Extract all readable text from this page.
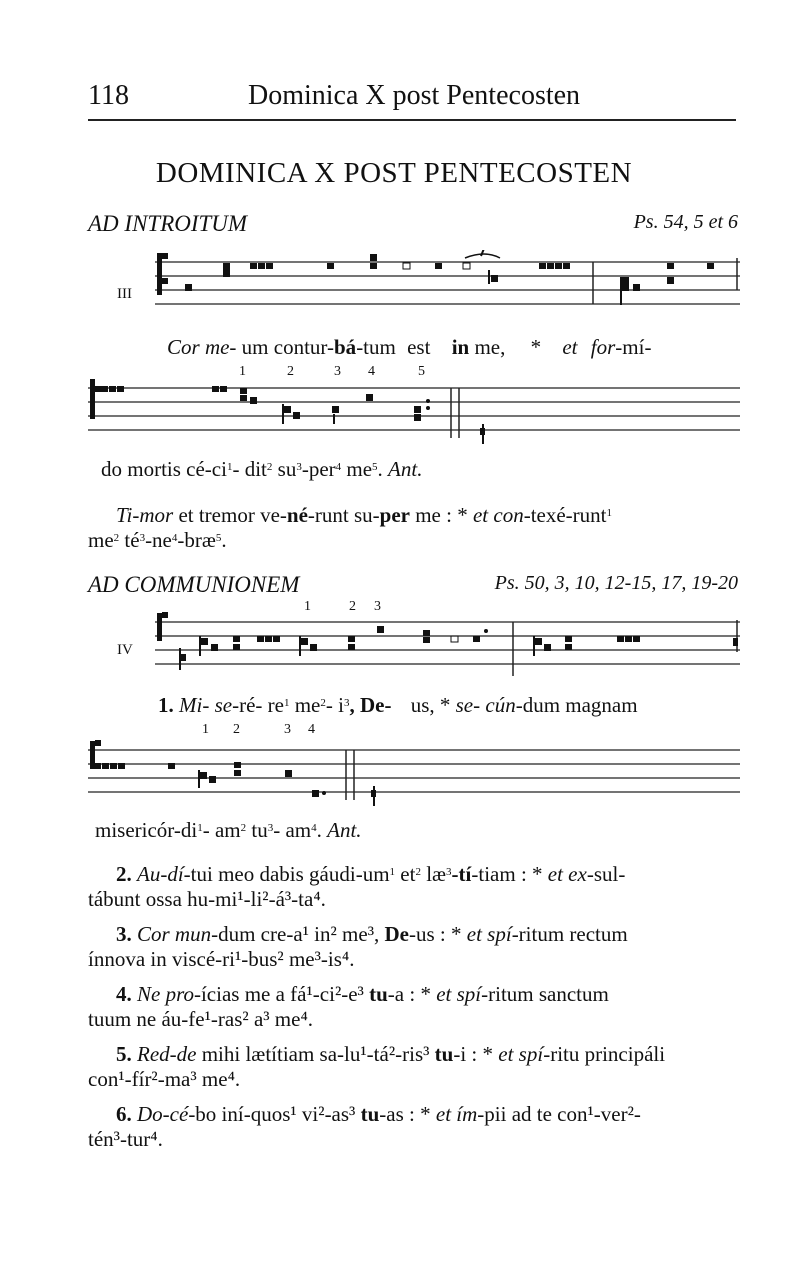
118	Dominica X post Pentecosten
DOMINICA X POST PENTECOSTEN
AD INTROITUM	Ps. 54, 5 et 6
III
Cor me- um contur-bá-tum est in me, * et for-mí-
1	2	3 4	5
do mortis $cé-ci^1-$ dit$^2$ $su^3-per^4$ $me^5$. Ant.
Ti-mor et tremor ve-né-runt su-per me : * et con-texé-runt$^1$
$me^2$ $té^3-ne^4-bræ^5$.
AD COMMUNIONEM	Ps. 50, 3, 10, 12-15, 17, 19-20
1	2 3
IV
1. Mi- se-ré- $re^1$ $me^2-$ $i^3$, De- us, * se- cún-dum magnam
1 2	3 4
misericór-$di^1-$ $am^2$ $tu^3-$ $am^4$. Ant.
2. Au-dí-tui meo dabis gáudi-$um^1$ $et^2$ $læ^3-tí$-tiam : * et ex-sul-
tábunt ossa hu-mi¹-li²-á³-ta⁴.
3. Cor mun-dum cre-a¹ in² me³, De-us : * et spí-ritum rectum
ínnova in viscé-ri¹-bus² me³-is⁴.
4. Ne pro-ícias me a fá¹-ci²-e³ tu-a : * et spí-ritum sanctum
tuum ne áu-fe¹-ras² a³ me⁴.
5. Red-de mihi lætítiam sa-lu¹-tá²-ris³ tu-i : * et spí-ritu principáli
con¹-fír²-ma³ me⁴.
6. Do-cé-bo iní-quos¹ vi²-as³ tu-as : * et ím-pii ad te con¹-ver²-
tén³-tur⁴.
